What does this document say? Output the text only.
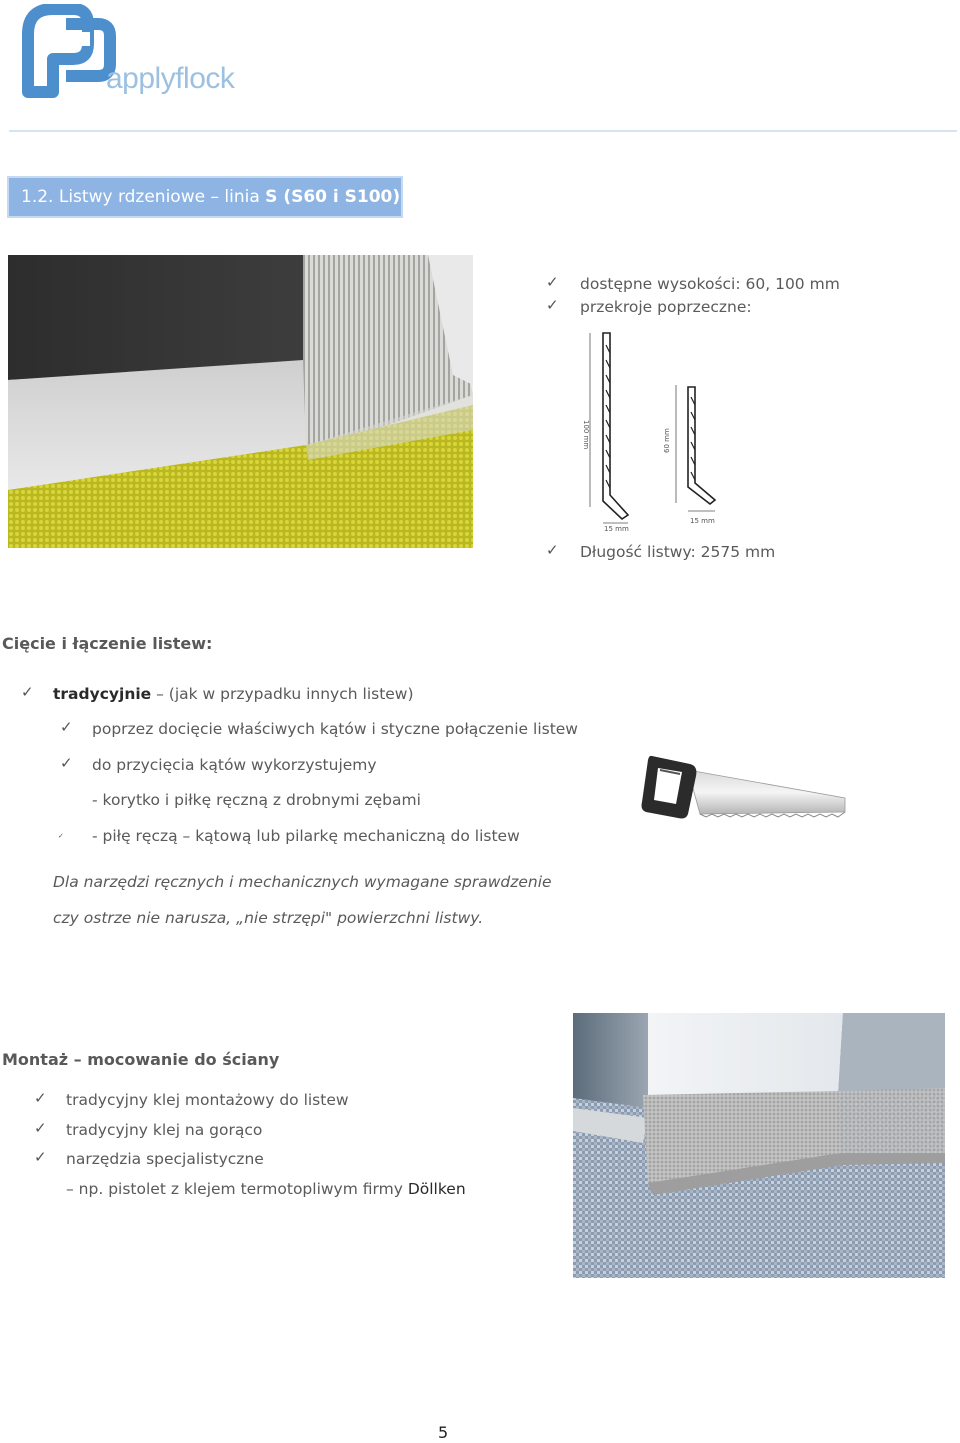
applyflock
1.2. Listwy rdzeniowe – linia S (S60 i S100)
✓ dostępne wysokości: 60, 100 mm
✓ przekroje poprzeczne:
100 mm
15 mm
60 mm
15 mm
✓ Długość listwy: 2575 mm
Cięcie i łączenie listew:
✓ tradycyjnie – (jak w przypadku innych listew)
✓ poprzez docięcie właściwych kątów i styczne połączenie listew
✓ do przycięcia kątów wykorzystujemy
- korytko i piłkę ręczną z drobnymi zębami
✓ - piłę ręczą – kątową lub pilarkę mechaniczną do listew
Dla narzędzi ręcznych i mechanicznych wymagane sprawdzenie
czy ostrze nie narusza, „nie strzępi" powierzchni listwy.
Montaż – mocowanie do ściany
✓ tradycyjny klej montażowy do listew
✓ tradycyjny klej na gorąco
✓ narzędzia specjalistyczne
– np. pistolet z klejem termotopliwym firmy Döllken
5
